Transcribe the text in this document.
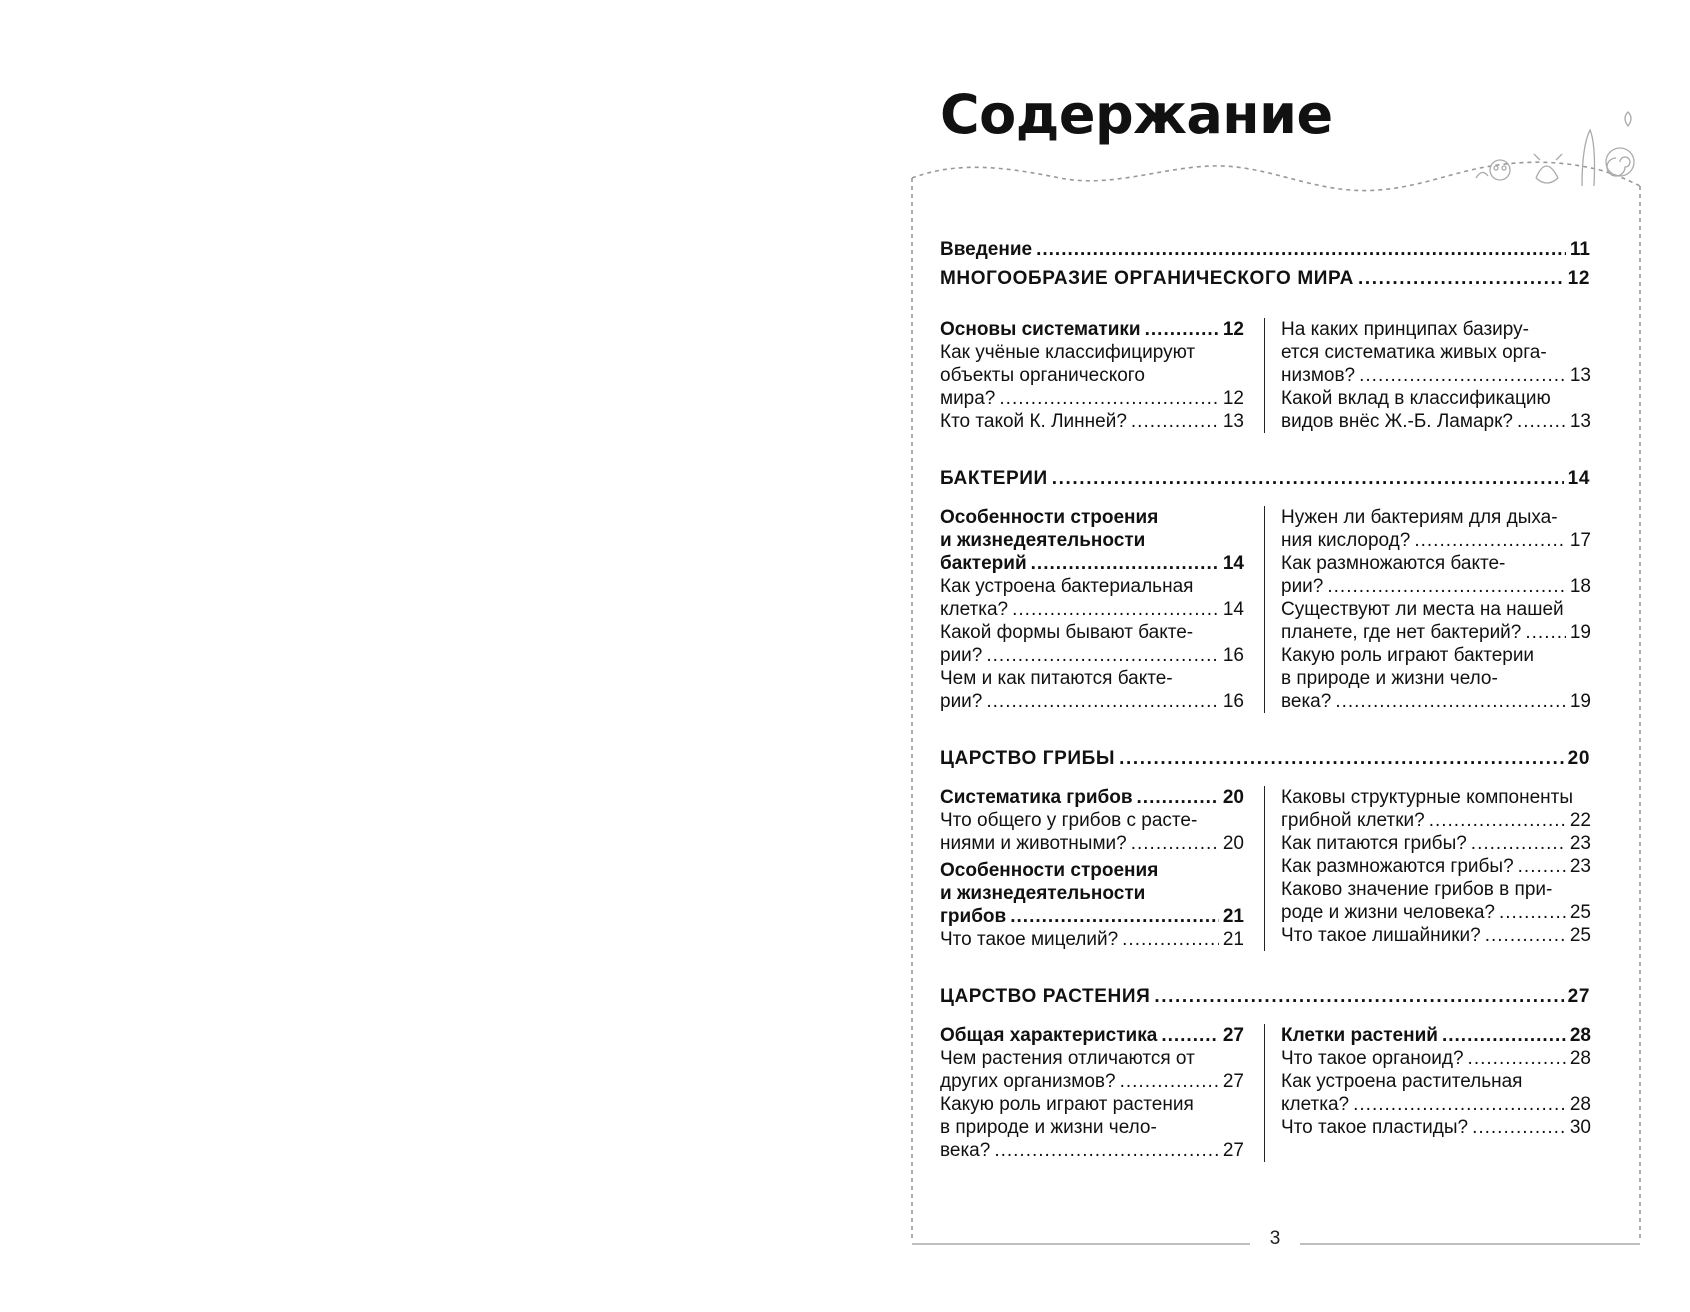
Содержание
Введение .....	11
МНОГООБРАЗИЕ ОРГАНИЧЕСКОГО МИРА .....	12
Основы систематики .....	12
Как учёные классифицируют
объекты органического
мира? .....	12
Кто такой К. Линней? .....	13
На каких принципах базиру-
ется систематика живых орга-
низмов? .....	13
Какой вклад в классификацию
видов внёс Ж.-Б. Ламарк? .....	13
БАКТЕРИИ .....	14
Особенности строения
и жизнедеятельности
бактерий .....	14
Как устроена бактериальная
клетка? .....	14
Какой формы бывают бакте-
рии? .....	16
Чем и как питаются бакте-
рии? .....	16
Нужен ли бактериям для дыха-
ния кислород? .....	17
Как размножаются бакте-
рии? .....	18
Существуют ли места на нашей
планете, где нет бактерий? .....	19
Какую роль играют бактерии
в природе и жизни чело-
века? .....	19
ЦАРСТВО ГРИБЫ .....	20
Систематика грибов .....	20
Что общего у грибов с расте-
ниями и животными? .....	20
Особенности строения
и жизнедеятельности
грибов .....	21
Что такое мицелий? .....	21
Каковы структурные компоненты
грибной клетки? .....	22
Как питаются грибы? .....	23
Как размножаются грибы? .....	23
Каково значение грибов в при-
роде и жизни человека? .....	25
Что такое лишайники? .....	25
ЦАРСТВО РАСТЕНИЯ .....	27
Общая характеристика .....	27
Чем растения отличаются от
других организмов? .....	27
Какую роль играют растения
в природе и жизни чело-
века? .....	27
Клетки растений .....	28
Что такое органоид? .....	28
Как устроена растительная
клетка? .....	28
Что такое пластиды? .....	30
3
